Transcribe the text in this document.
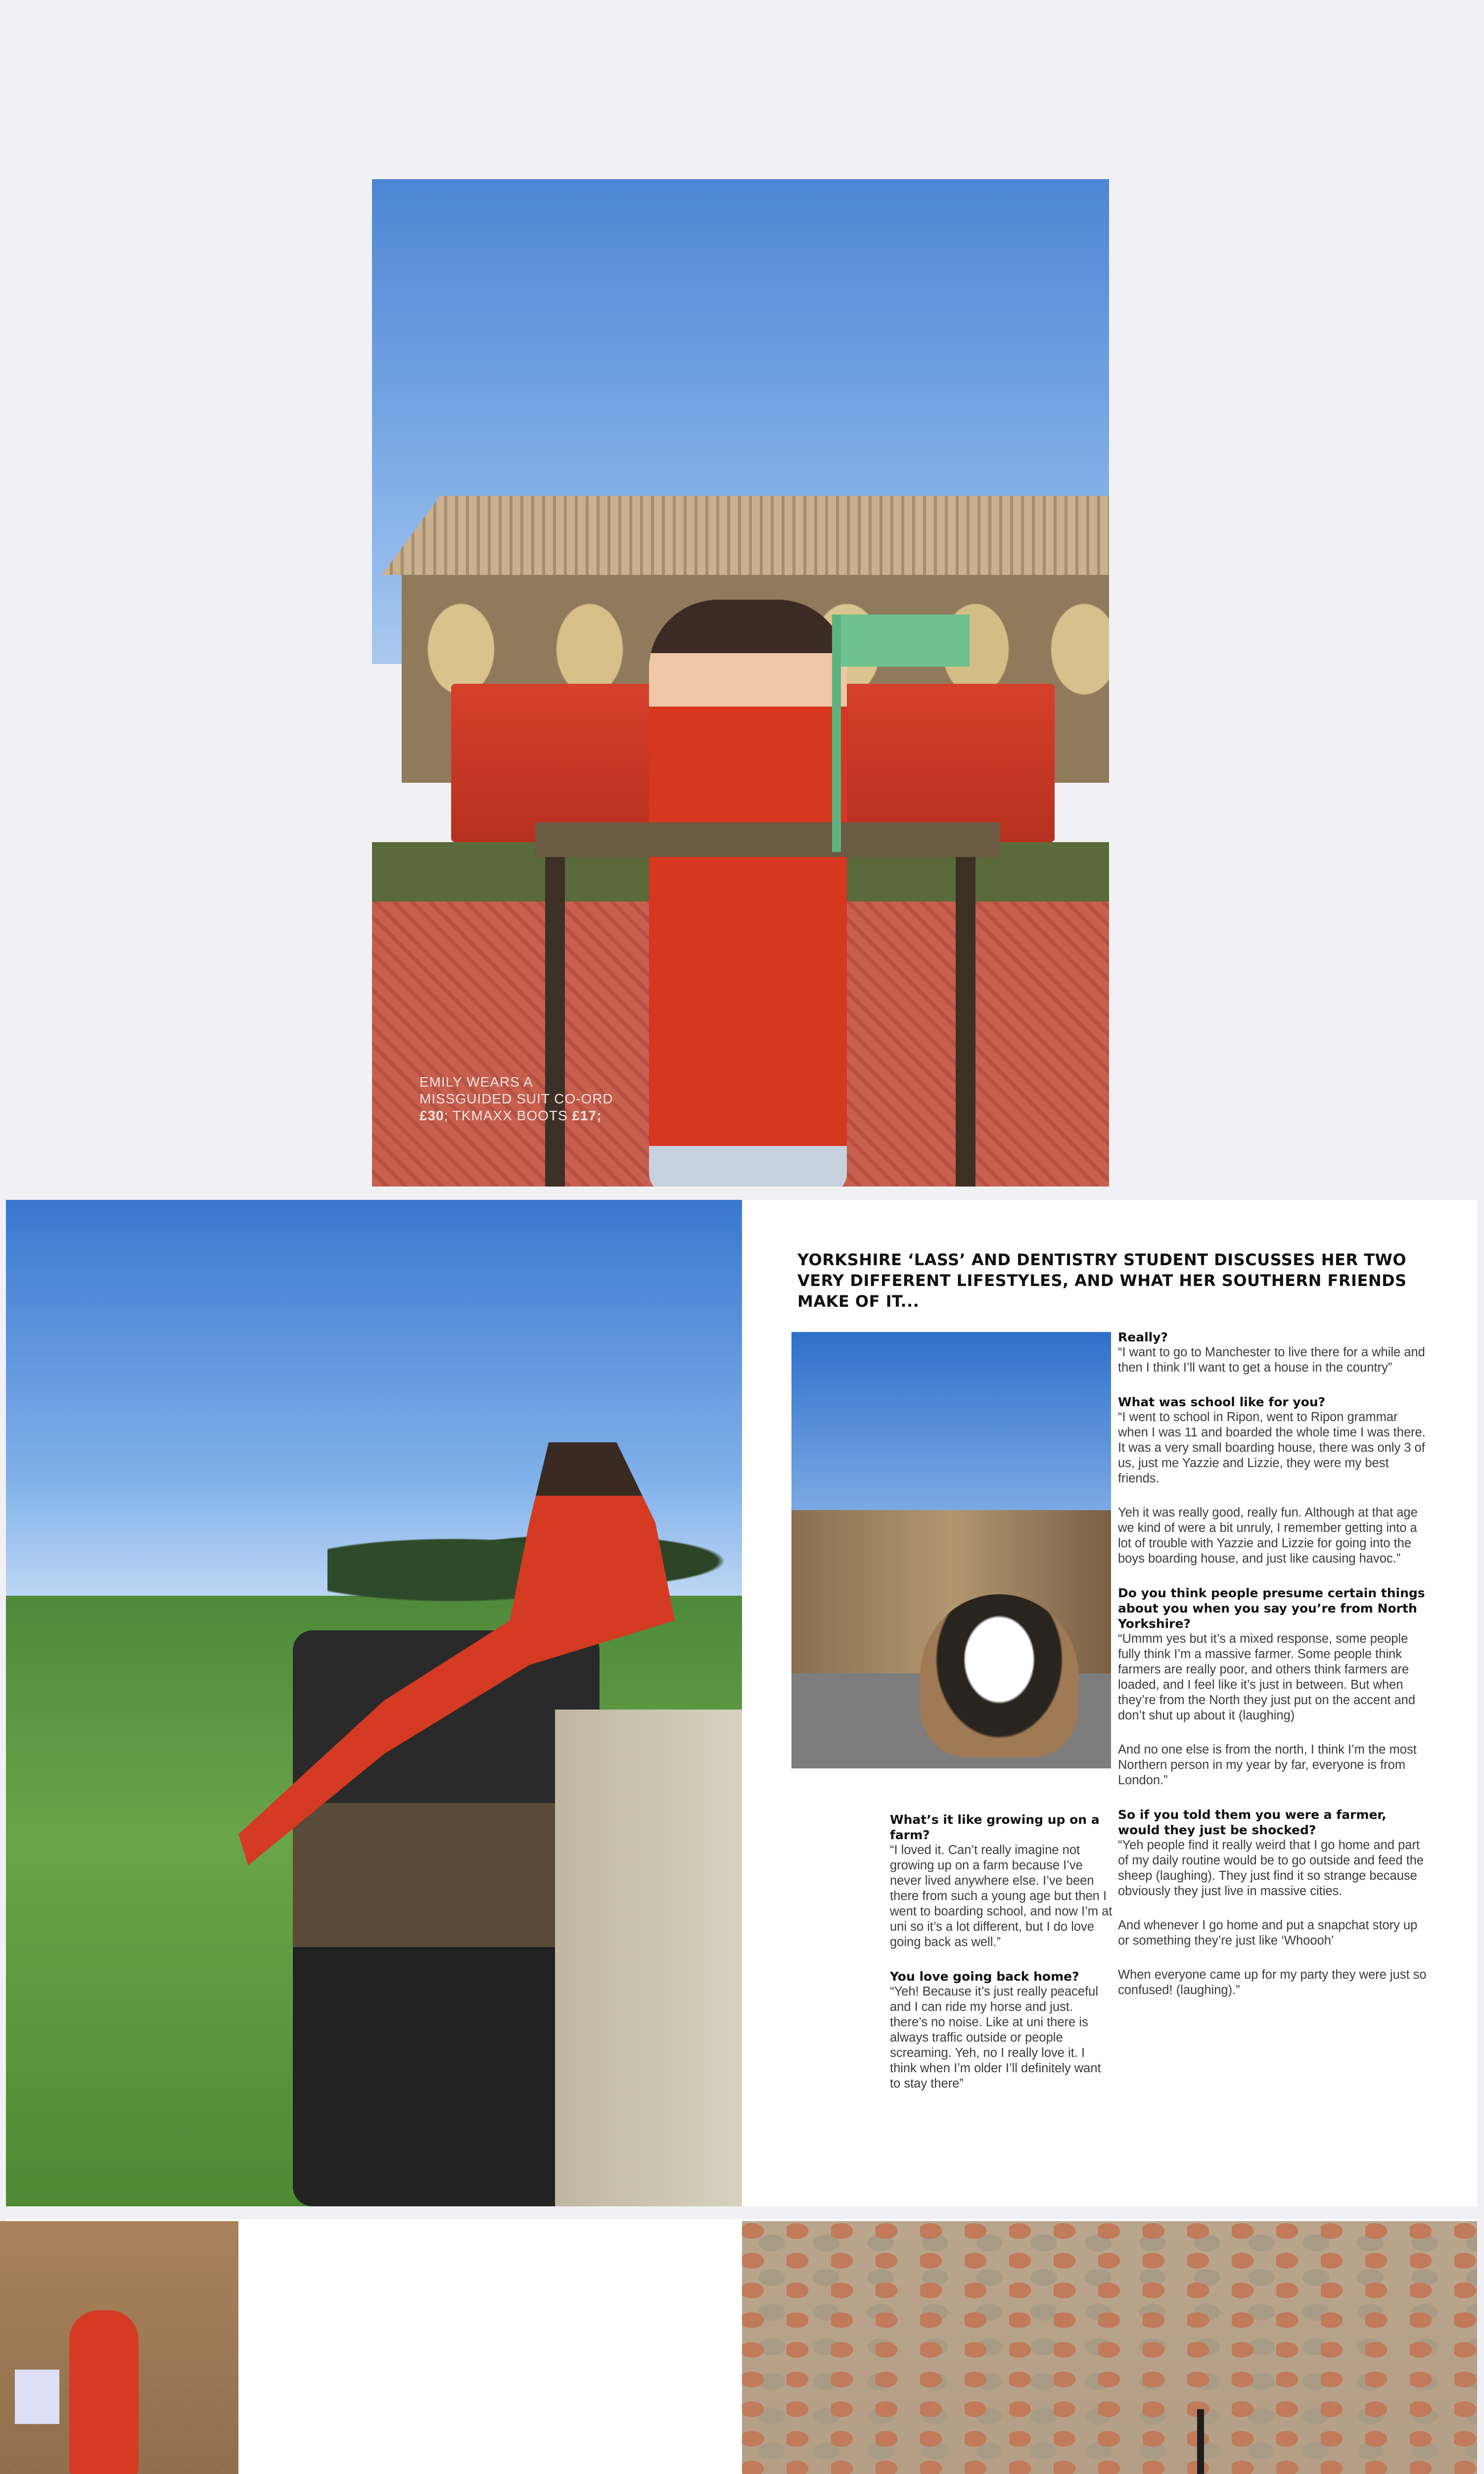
EMILY WEARS A
MISSGUIDED SUIT CO-ORD
£30; TKMAXX BOOTS £17;
YORKSHIRE ‘LASS’ AND DENTISTRY STUDENT DISCUSSES HER TWO VERY DIFFERENT LIFESTYLES, AND WHAT HER SOUTHERN FRIENDS MAKE OF IT...
Really?

“I want to go to Manchester to live there for a while and then I think I’ll want to get a house in the country”

What was school like for you?

“I went to school in Ripon, went to Ripon grammar when I was 11 and boarded the whole time I was there. It was a very small boarding house, there was only 3 of us, just me Yazzie and Lizzie, they were my best friends.

Yeh it was really good, really fun. Although at that age we kind of were a bit unruly, I remember getting into a lot of trouble with Yazzie and Lizzie for going into the boys boarding house, and just like causing havoc.”

Do you think people presume certain things about you when you say you’re from North Yorkshire?

“Ummm yes but it’s a mixed response, some people fully think I’m a massive farmer. Some people think farmers are really poor, and others think farmers are loaded, and I feel like it’s just in between. But when they’re from the North they just put on the accent and don’t shut up about it (laughing)

And no one else is from the north, I think I’m the most Northern person in my year by far, everyone is from London.”

So if you told them you were a farmer, would they just be shocked?

“Yeh people find it really weird that I go home and part of my daily routine would be to go outside and feed the sheep (laughing). They just find it so strange because obviously they just live in massive cities.

And whenever I go home and put a snapchat story up or something they’re just like ‘Whoooh’

When everyone came up for my party they were just so confused! (laughing).”

What’s it like growing up on a farm?

“I loved it. Can’t really imagine not growing up on a farm because I’ve never lived anywhere else. I’ve been there from such a young age but then I went to boarding school, and now I’m at uni so it’s a lot different, but I do love going back as well.”

You love going back home?

“Yeh! Because it’s just really peaceful and I can ride my horse and just. there’s no noise. Like at uni there is always traffic outside or people screaming. Yeh, no I really love it. I think when I’m older I’ll definitely want to stay there”
